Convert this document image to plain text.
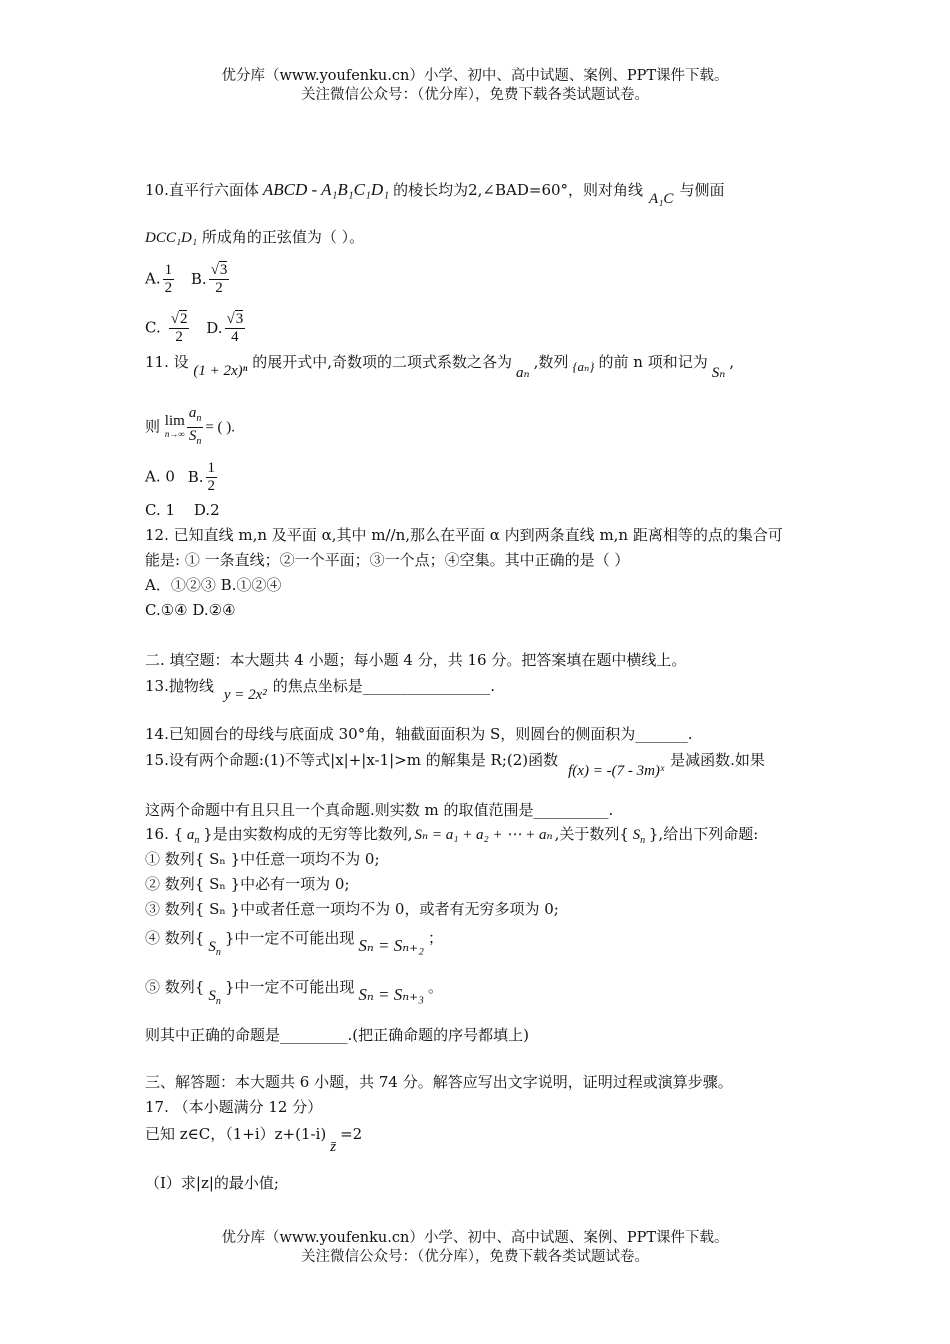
优分库（www.youfenku.cn）小学、初中、高中试题、案例、PPT课件下载。
关注微信公众号：（优分库），免费下载各类试题试卷。
10.直平行六面体 ABCD - A₁B₁C₁D₁ 的棱长均为2,∠BAD=60°，则对角线 A₁C 与侧面
DCC₁D₁ 所成角的正弦值为（ ）。
A. $\frac{1}{2} B$. $\frac{√3}{2}$
C. $\frac{√2}{2} D$. $\frac{√3}{4}$
11. 设 (1 + 2x)ⁿ 的展开式中,奇数项的二项式系数之各为aₙ,数列 {aₙ} 的前 n 项和记为Sₙ,
则 lim
$n\to\infty \frac{a_n}{S_n}$ = ( ).
A. 0 B. $\frac{1}{2}$
C. 1 D.2
12. 已知直线 m,n 及平面 α,其中 m//n,那么在平面 α 内到两条直线 m,n 距离相等的点的集合可
能是: ① 一条直线；②一个平面；③一个点；④空集。其中正确的是（ ）
A．①②③ B.①②④
C.①④ D.②④
二. 填空题：本大题共 4 小题；每小题 4 分，共 16 分。把答案填在题中横线上。
13.抛物线 y = 2x² 的焦点坐标是_________________.
14.已知圆台的母线与底面成 30°角，轴截面面积为 S，则圆台的侧面积为_______.
15.设有两个命题:(1)不等式|x|+|x-1|>m 的解集是 R;(2)函数f(x) = -(7 - 3m)ˣ是减函数.如果
这两个命题中有且只且一个真命题.则实数 m 的取值范围是__________.
16. { $a_n$ }是由实数构成的无穷等比数列, Sₙ = a₁ + a₂ + ⋯ + aₙ ,关于数列{ $S_n$ },给出下列命题:
① 数列{ Sₙ }中任意一项均不为 0;
② 数列{ Sₙ }中必有一项为 0;
③ 数列{ Sₙ }中或者任意一项均不为 0，或者有无穷多项为 0;
④ 数列{ $S_n$}中一定不可能出现 Sₙ = Sₙ₊₂ ；
⑤ 数列{ $S_n$}中一定不可能出现 Sₙ = Sₙ₊₃ 。
则其中正确的命题是_________.(把正确命题的序号都填上)
三、解答题：本大题共 6 小题，共 74 分。解答应写出文字说明，证明过程或演算步骤。
17. （本小题满分 12 分）
已知 z∈C，（1+i）z+(1-i)z̄=2
（Ⅰ）求|z|的最小值;
优分库（www.youfenku.cn）小学、初中、高中试题、案例、PPT课件下载。
关注微信公众号：（优分库），免费下载各类试题试卷。
